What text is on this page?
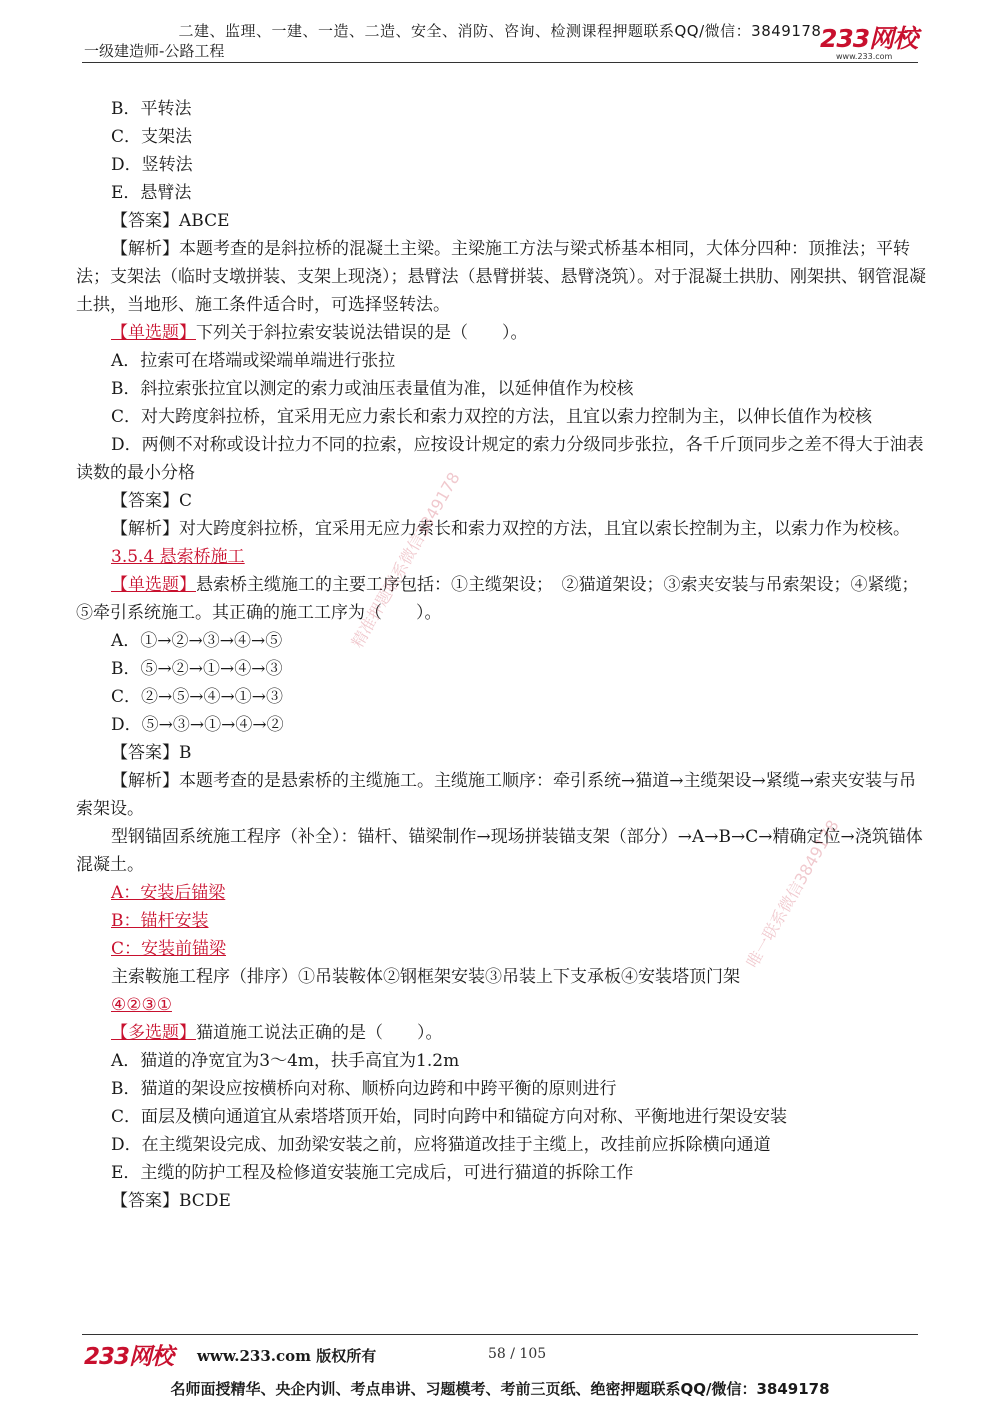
二建、监理、一建、一造、二造、安全、消防、咨询、检测课程押题联系QQ/微信：3849178
一级建造师-公路工程	233网校
www.233.com
B．平转法
C．支架法
D．竖转法
E．悬臂法
【答案】ABCE
【解析】本题考查的是斜拉桥的混凝土主梁。主梁施工方法与梁式桥基本相同，大体分四种：顶推法；平转法；支架法（临时支墩拼装、支架上现浇）；悬臂法（悬臂拼装、悬臂浇筑）。对于混凝土拱肋、刚架拱、钢管混凝土拱，当地形、施工条件适合时，可选择竖转法。
【单选题】下列关于斜拉索安装说法错误的是（　　）。
A．拉索可在塔端或梁端单端进行张拉
B．斜拉索张拉宜以测定的索力或油压表量值为准，以延伸值作为校核
C．对大跨度斜拉桥，宜采用无应力索长和索力双控的方法，且宜以索力控制为主，以伸长值作为校核
D．两侧不对称或设计拉力不同的拉索，应按设计规定的索力分级同步张拉，各千斤顶同步之差不得大于油表读数的最小分格
【答案】C
【解析】对大跨度斜拉桥，宜采用无应力索长和索力双控的方法，且宜以索长控制为主，以索力作为校核。
3.5.4 悬索桥施工
【单选题】悬索桥主缆施工的主要工序包括：①主缆架设；　②猫道架设；③索夹安装与吊索架设；④紧缆；⑤牵引系统施工。其正确的施工工序为（　　）。
A．①→②→③→④→⑤
B．⑤→②→①→④→③
C．②→⑤→④→①→③
D．⑤→③→①→④→②
【答案】B
【解析】本题考查的是悬索桥的主缆施工。主缆施工顺序：牵引系统→猫道→主缆架设→紧缆→索夹安装与吊索架设。
型钢锚固系统施工程序（补全）：锚杆、锚梁制作→现场拼装锚支架（部分）→A→B→C→精确定位→浇筑锚体混凝土。
A：安装后锚梁
B：锚杆安装
C：安装前锚梁
主索鞍施工程序（排序）①吊装鞍体②钢框架安装③吊装上下支承板④安装塔顶门架
④②③①
【多选题】猫道施工说法正确的是（　　）。
A．猫道的净宽宜为3～4m，扶手高宜为1.2m
B．猫道的架设应按横桥向对称、顺桥向边跨和中跨平衡的原则进行
C．面层及横向通道宜从索塔塔顶开始，同时向跨中和锚碇方向对称、平衡地进行架设安装
D．在主缆架设完成、加劲梁安装之前，应将猫道改挂于主缆上，改挂前应拆除横向通道
E．主缆的防护工程及检修道安装施工完成后，可进行猫道的拆除工作
【答案】BCDE
精准押题联系微信3849178
唯一联系微信3849178
233网校 www.233.com 版权所有	58 / 105
名师面授精华、央企内训、考点串讲、习题模考、考前三页纸、绝密押题联系QQ/微信：3849178
